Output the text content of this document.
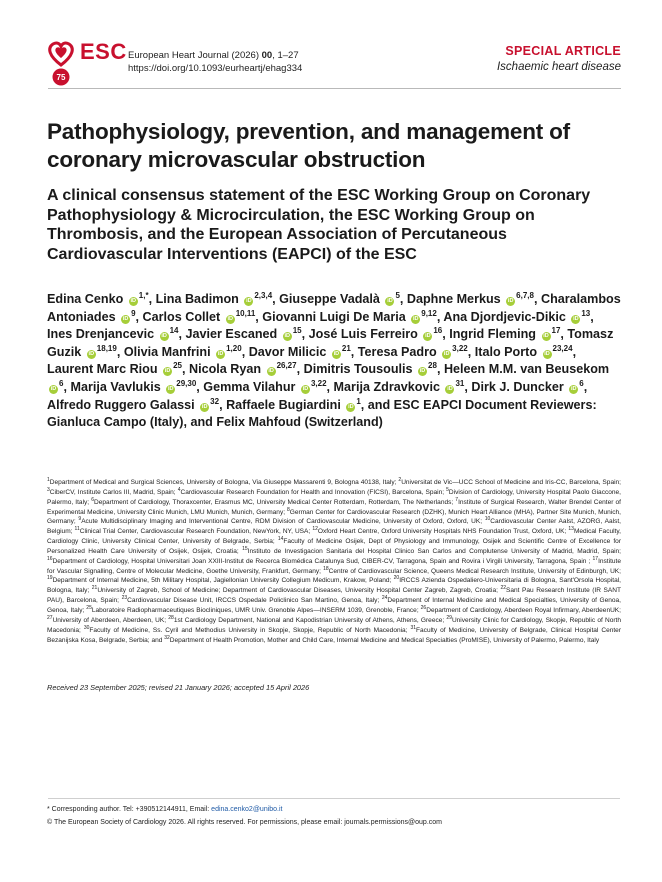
75
ESC European Heart Journal (2026) 00, 1–27
https://doi.org/10.1093/eurheartj/ehag334
SPECIAL ARTICLE
Ischaemic heart disease
Pathophysiology, prevention, and management of coronary microvascular obstruction
A clinical consensus statement of the ESC Working Group on Coronary Pathophysiology & Microcirculation, the ESC Working Group on Thrombosis, and the European Association of Percutaneous Cardiovascular Interventions (EAPCI) of the ESC
Edina Cenko $iD^{1,*}$, Lina Badimon iD$^{2,3,4}$, Giuseppe Vadalà $iD^5$, Daphne Merkus iD$^{6,7,8}$, Charalambos Antoniades $iD^9$, Carlos Collet iD$^{10,11}$, Giovanni Luigi De Maria iD$^{9,12}$, Ana Djordjevic-Dikic $iD^{13}$, Ines Drenjancevic $iD^{14}$, Javier Escaned $iD^{15}$, José Luis Ferreiro $iD^{16}$, Ingrid Fleming $iD^{17}$, Tomasz Guzik iD$^{18,19}$, Olivia Manfrini iD$^{1,20}$, Davor Milicic $iD^{21}$, Teresa Padro iD$^{3,22}$, Italo Porto iD$^{23,24}$, Laurent Marc Riou $iD^{25}$, Nicola Ryan iD$^{26,27}$, Dimitris Tousoulis $iD^{28}$, Heleen M.M. van Beusekom $iD^6$, Marija Vavlukis iD$^{29,30}$, Gemma Vilahur iD$^{3,22}$, Marija Zdravkovic $iD^{31}$, Dirk J. Duncker $iD^6$, Alfredo Ruggero Galassi $iD^{32}$, Raffaele Bugiardini $iD^1$, and ESC EAPCI Document Reviewers: Gianluca Campo (Italy), and Felix Mahfoud (Switzerland)
$^1$Department of Medical and Surgical Sciences, University of Bologna, Via Giuseppe Massarenti 9, Bologna 40138, Italy; $^2$Universitat de Vic—UCC School of Medicine and Iris-CC, Barcelona, Spain; $^3$CiberCV, Institute Carlos III, Madrid, Spain; $^4$Cardiovascular Research Foundation for Health and Innovation (FICSI), Barcelona, Spain; $^5$Division of Cardiology, University Hospital Paolo Giaccone, Palermo, Italy; $^6$Department of Cardiology, Thoraxcenter, Erasmus MC, University Medical Center Rotterdam, Rotterdam, The Netherlands; $^7$Institute of Surgical Research, Walter Brendel Center of Experimental Medicine, University Clinic Munich, LMU Munich, Munich, Germany; $^8$German Center for Cardiovascular Research (DZHK), Munich Heart Alliance (MHA), Partner Site Munich, Munich, Germany; $^9$Acute Multidisciplinary Imaging and Interventional Centre, RDM Division of Cardiovascular Medicine, University of Oxford, Oxford, UK; $^{10}$Cardiovascular Center Aalst, AZORG, Aalst, Belgium; $^{11}$Clinical Trial Center, Cardiovascular Research Foundation, NewYork, NY, USA; $^{12}$Oxford Heart Centre, Oxford University Hospitals NHS Foundation Trust, Oxford, UK; $^{13}$Medical Faculty, Cardiology Clinic, University Clinical Center, University of Belgrade, Serbia; $^{14}$Faculty of Medicine Osijek, Dept of Physiology and Immunology, Osijek and Scientific Centre of Excellence for Personalized Health Care University of Osijek, Osijek, Croatia; $^{15}$Instituto de Investigacion Sanitaria del Hospital Clinico San Carlos and Complutense University of Madrid, Madrid, Spain; $^{16}$Department of Cardiology, Hospital Universitari Joan XXIII-Institut de Recerca Biomédica Catalunya Sud, CIBER-CV, Tarragona, Spain and Rovira i Virgili University, Tarragona, Spain ; $^{17}$Institute for Vascular Signalling, Centre of Molecular Medicine, Goethe University, Frankfurt, Germany; $^{18}$Centre of Cardiovascular Science, Queens Medical Research Institute, University of Edinburgh, UK; $^{19}$Department of Internal Medicine, 5th Military Hospital, Jagiellonian University Collegium Medicum, Krakow, Poland; $^{20}$IRCCS Azienda Ospedaliero-Universitaria di Bologna, Sant'Orsola Hospital, Bologna, Italy; $^{21}$University of Zagreb, School of Medicine; Department of Cardiovascular Diseases, University Hospital Center Zagreb, Zagreb, Croatia; $^{22}$Sant Pau Research Institute (IR SANT PAU), Barcelona, Spain; $^{23}$Cardiovascular Disease Unit, IRCCS Ospedale Policlinico San Martino, Genoa, Italy; $^{24}$Department of Internal Medicine and Medical Specialties, University of Genoa, Genoa, Italy; $^{25}$Laboratoire Radiopharmaceutiques Biocliniques, UMR Univ. Grenoble Alpes—INSERM 1039, Grenoble, France; $^{26}$Department of Cardiology, Aberdeen Royal Infirmary, AberdeenUK; $^{27}$University of Aberdeen, Aberdeen, UK; $^{28}$1st Cardiology Department, National and Kapodistrian University of Athens, Athens, Greece; $^{29}$University Clinic for Cardiology, Skopje, Republic of North Macedonia; $^{30}$Faculty of Medicine, Ss. Cyril and Methodius University in Skopje, Skopje, Republic of North Macedonia; $^{31}$Faculty of Medicine, University of Belgrade, Clinical Hospital Center Bezanijska Kosa, Belgrade, Serbia; and $^{32}$Department of Health Promotion, Mother and Child Care, Internal Medicine and Medical Specialties (ProMISE), University of Palermo, Palermo, Italy
Received 23 September 2025; revised 21 January 2026; accepted 15 April 2026
* Corresponding author. Tel: +390512144911, Email: edina.cenko2@unibo.it
© The European Society of Cardiology 2026. All rights reserved. For permissions, please email: journals.permissions@oup.com
